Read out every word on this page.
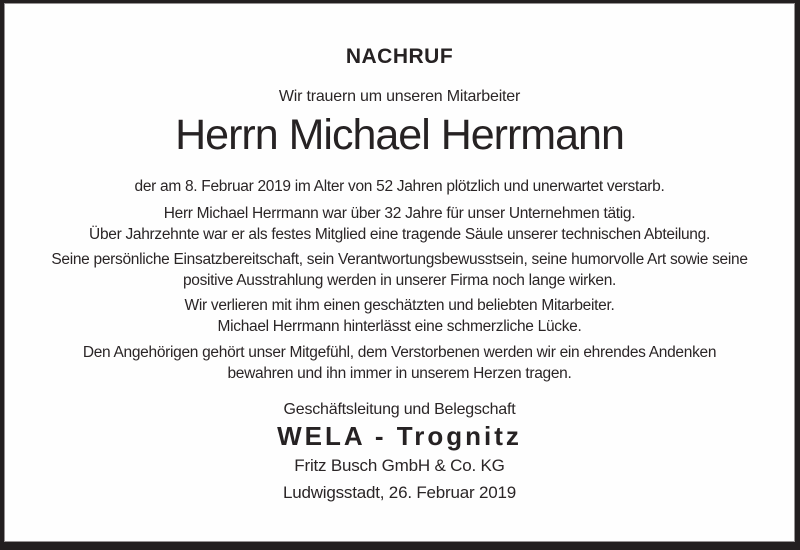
NACHRUF
Wir trauern um unseren Mitarbeiter
Herrn Michael Herrmann
der am 8. Februar 2019 im Alter von 52 Jahren plötzlich und unerwartet verstarb.
Herr Michael Herrmann war über 32 Jahre für unser Unternehmen tätig.
Über Jahrzehnte war er als festes Mitglied eine tragende Säule unserer technischen Abteilung.
Seine persönliche Einsatzbereitschaft, sein Verantwortungsbewusstsein, seine humorvolle Art sowie seine
positive Ausstrahlung werden in unserer Firma noch lange wirken.
Wir verlieren mit ihm einen geschätzten und beliebten Mitarbeiter.
Michael Herrmann hinterlässt eine schmerzliche Lücke.
Den Angehörigen gehört unser Mitgefühl, dem Verstorbenen werden wir ein ehrendes Andenken
bewahren und ihn immer in unserem Herzen tragen.
Geschäftsleitung und Belegschaft
WELA - Trognitz
Fritz Busch GmbH & Co. KG
Ludwigsstadt, 26. Februar 2019
